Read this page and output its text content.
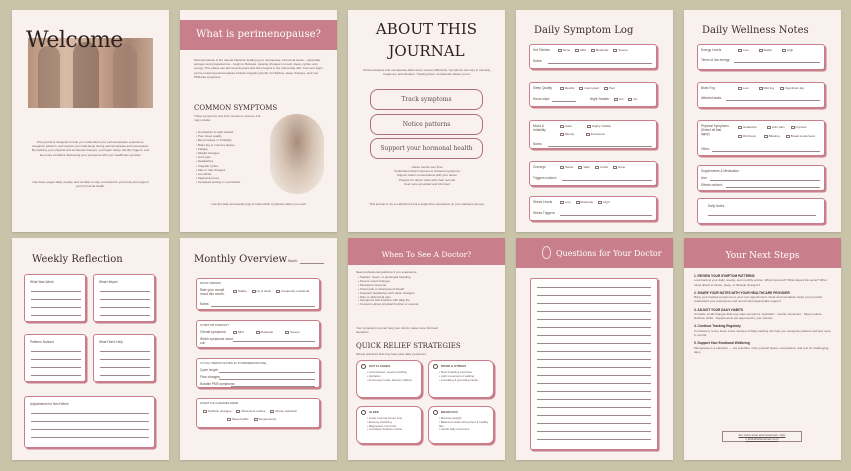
Welcome

This journal is designed to help you understand your perimenopause experience, recognize patterns, and support your well-being during perimenopause and menopause. By tracking your physical and emotional changes, you'll gain clarity, identify triggers, and feel more confident discussing your symptoms with your healthcare provider.

Use these pages daily, weekly, and monthly to stay connected to your body and support your hormonal health.

What is perimenopause?

Perimenopause is the natural transition leading up to menopause. Hormonal levels – especially estrogen and progesterone – begin to fluctuate, causing changes in mood, sleep, cycles, and energy. This phase can last several years and often begins in the mid-to-late 40s. Common signs you've entered perimenopause include irregular periods, hot flashes, sleep changes, and new PMS-like symptoms.

COMMON SYMPTOMS

These symptoms vary from woman to woman, but may include:

• Hot flashes & night sweats
• Poor sleep quality
• Mood swings or irritability
• Brain fog or memory lapses
• Fatigue
• Weight changes
• Joint pain
• Headaches
• Irregular cycles
• Skin or hair changes
• Low libido
• Vaginal dryness
• Increased anxiety or overwhelm

Use the daily and weekly logs to track which symptoms affect you most.

ABOUT THIS
JOURNAL

Perimenopause and menopause affect every woman differently. Symptoms can vary in intensity, frequency, and duration. Tracking them consistently allows you to:

Track symptoms
Notice patterns
Support your hormonal health
Notice trends over time
Understand what improves or worsens symptoms
Support better conversations with your doctor
Prepare for doctor visits with clear records
Feel more grounded and informed

This journal is not a medical tool but a supportive companion on your wellness journey.

Daily Symptom Log
Hot Flashes	None	Mild	Moderate	Severe
Notes:
Sleep Quality	Restful	Interrupted	Poor
Hours slept:	Night Sweats:	Yes	No
Mood & Irritability
Calm	Highly irritable
Moody	Emotional
Notes:
Cravings	Sweet	Salty	Carbs	None
Triggers noticed:
Stress Levels	Low	Moderate	High
Stress Triggers:
Daily Wellness Notes
Energy Levels	Low	Stable	High
Times of low energy:
Brain Fog	Low	Mild fog	Significant fog
Affected tasks:
Physical Symptoms (Select all that apply)
Headache	Joint pain	Dryness
Dizziness	Bloating	Breast tenderness
Other:
Supplements & Medication
Use:
Effects noticed:
Daily Notes
Weekly Reflection
What Was Week	What Helped
Patterns Noticed	What Didn't Help
Adjustments for Next Week
Monthly Overview Month:
MOOD TRENDS
Rate your overall mood this month:
Stable	Up & down	Frequently emotional
Notes:
SYMPTOM INTENSITY
Overall symptoms:	Mild	Moderate	Severe
Which symptoms stood out:
CYCLE / PERIOD NOTES (IF IN PERIMENOPAUSE)
Cycle length:
Flow changes:
Notable PMS symptoms:
LIFESTYLE CHANGES MADE
Nutrition changes	Movement routine	Stress reduction
Sleep habits	Supplements
When To See A Doctor?

Seek professional guidance if you experience:

• Sudden, heavy, or prolonged bleeding
• Severe mood changes
• Persistent insomnia
• Chest pain or shortness of breath
• Frequent headaches with vision changes
• Pain or abdominal pain
• Symptoms that interfere with daily life
• Concerns about physical function or anemia

Your symptoms log can help your doctor make more informed decisions.

QUICK RELIEF STRATEGIES

Simple practices that may help ease daily symptoms:

HOT FLASHES
• Cool showers, layered clothing
• Hydration
• Avoid spicy foods, alcohol, caffeine
MOOD & STRESS
• Slow breathing exercises
• Light movement or walking
• Journaling & grounding rituals
SLEEP
• Lower evening screen time
• Evening stretching
• Magnesium-rich foods
• Consistent bedtime routine
BRAIN FOG
• Morning sunlight
• Balanced meals with protein & healthy fats
• Gentle daily movement
Questions for Your Doctor	Your Next Steps
1. REVIEW YOUR SYMPTOM PATTERNS
Look back at your daily, weekly, and monthly entries. What improved? What stayed the same? What came linked to stress, sleep, or lifestyle changes?
2. SHARE YOUR NOTES WITH YOUR HEALTHCARE PROVIDER
Bring your tracked symptoms to your next appointment. Clear documentation helps your provider understand your experience and recommend appropriate support.
3. ADJUST YOUR DAILY HABITS
Consider small changes that may ease symptoms: Hydration · Gentle movement · Sleep routine · Nutrition shifts · Supplements (as approved by your doctor)
4. Continue Tracking Regularly
Consistency is key. Even a few minutes of daily tracking can help you recognize patterns and feel more in control.
5. Support Your Emotional Wellbeing
Menopause is a transition — not a decline. Give yourself space, compassion, and rest on challenging days.
For more tools and resources, visit: c.klickchehtemmetc.com
